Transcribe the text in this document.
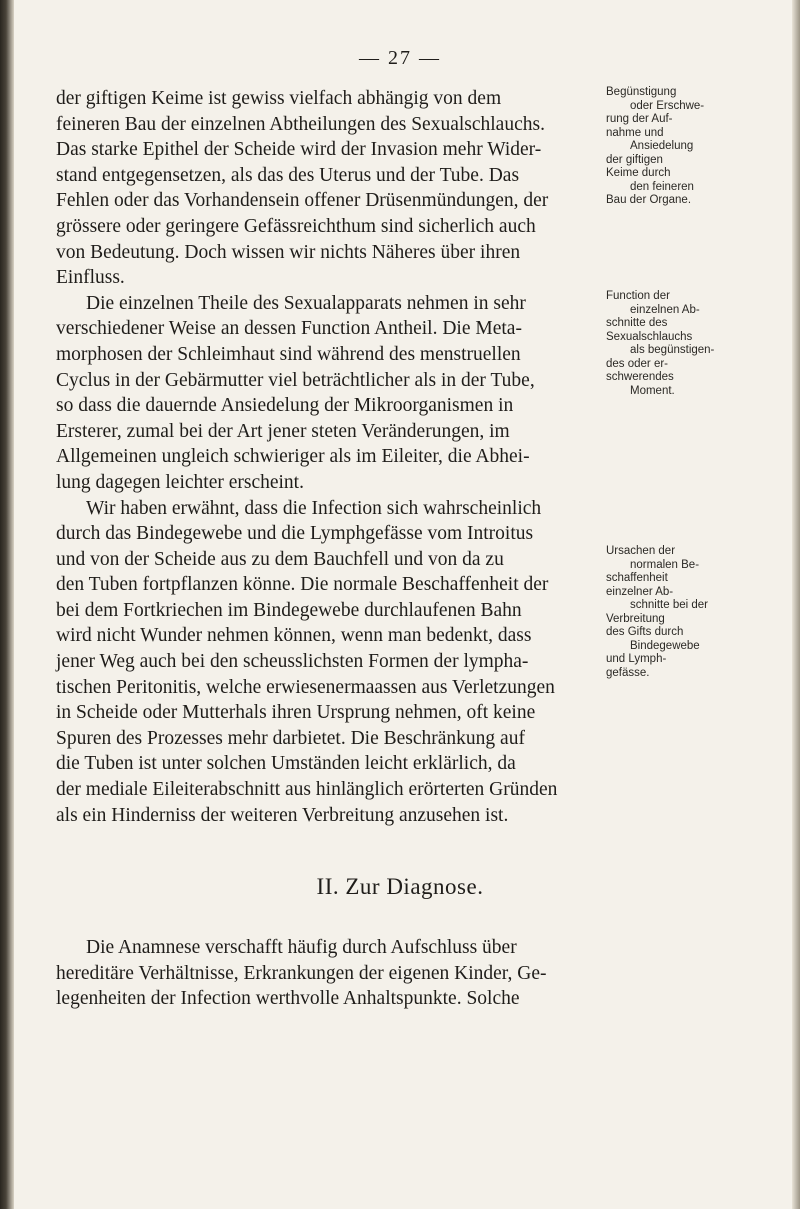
— 27 —
der giftigen Keime ist gewiss vielfach abhängig von dem
feineren Bau der einzelnen Abtheilungen des Sexualschlauchs.
Das starke Epithel der Scheide wird der Invasion mehr Wider-
stand entgegensetzen, als das des Uterus und der Tube. Das
Fehlen oder das Vorhandensein offener Drüsenmündungen, der
grössere oder geringere Gefässreichthum sind sicherlich auch
von Bedeutung. Doch wissen wir nichts Näheres über ihren
Einfluss.
Die einzelnen Theile des Sexualapparats nehmen in sehr
verschiedener Weise an dessen Function Antheil. Die Meta-
morphosen der Schleimhaut sind während des menstruellen
Cyclus in der Gebärmutter viel beträchtlicher als in der Tube,
so dass die dauernde Ansiedelung der Mikroorganismen in
Ersterer, zumal bei der Art jener steten Veränderungen, im
Allgemeinen ungleich schwieriger als im Eileiter, die Abhei-
lung dagegen leichter erscheint.
Wir haben erwähnt, dass die Infection sich wahrscheinlich
durch das Bindegewebe und die Lymphgefässe vom Introitus
und von der Scheide aus zu dem Bauchfell und von da zu
den Tuben fortpflanzen könne. Die normale Beschaffenheit der
bei dem Fortkriechen im Bindegewebe durchlaufenen Bahn
wird nicht Wunder nehmen können, wenn man bedenkt, dass
jener Weg auch bei den scheusslichsten Formen der lympha-
tischen Peritonitis, welche erwiesenermaassen aus Verletzungen
in Scheide oder Mutterhals ihren Ursprung nehmen, oft keine
Spuren des Prozesses mehr darbietet. Die Beschränkung auf
die Tuben ist unter solchen Umständen leicht erklärlich, da
der mediale Eileiterabschnitt aus hinlänglich erörterten Gründen
als ein Hinderniss der weiteren Verbreitung anzusehen ist.
II. Zur Diagnose.
Die Anamnese verschafft häufig durch Aufschluss über
hereditäre Verhältnisse, Erkrankungen der eigenen Kinder, Ge-
legenheiten der Infection werthvolle Anhaltspunkte. Solche
Begünstigung
oder Erschwe-
rung der Auf-
nahme und
Ansiedelung
der giftigen
Keime durch
den feineren
Bau der Organe.
Function der
einzelnen Ab-
schnitte des
Sexualschlauchs
als begünstigen-
des oder er-
schwerendes
Moment.
Ursachen der
normalen Be-
schaffenheit
einzelner Ab-
schnitte bei der
Verbreitung
des Gifts durch
Bindegewebe
und Lymph-
gefässe.
